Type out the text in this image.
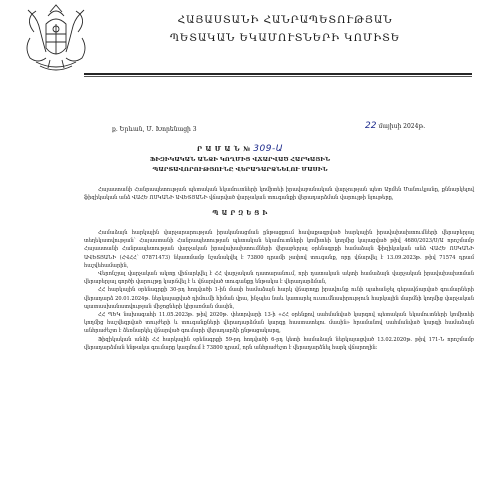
ՀԱՅԱՍՏԱՆԻ ՀԱՆՐԱՊԵՏՈՒԹՅԱՆ
ՊԵՏԱԿԱՆ ԵԿԱՄՈՒՏՆԵՐԻ ԿՈՄԻՏԵ
ք. Երևան, Մ. Խորենացի 3	22 մայիսի 2024թ.
Ր Ա Մ Ա Ն № 309-Ա
ՖԻԶԻԿԱԿԱՆ ԱՆՁԻ ԿՈՂՄԻՑ ՎՃԱՐՎԱԾ ՀԱՐԿԱՅԻՆ
ՊԱՐՏԱՎՈՐՈՒԹՅՈՒՆԸ ՎԵՐԱԴԱՐՁՆԵԼՈՒ ՄԱՍԻՆ

Հայաստանի Հանրապետության պետական եկամուտների կոմիտեի իրավաբանական վարչության պետ Արմեն Մանուկյանը, քննարկելով ֆիզիկական անձ ՎԱՀԵ ՈՍԿԱՆԻ ԱՎԵՏՅԱՆԻ վճարված վարչական տուգանքի վերադարձման վարույթի նյութերը,

Պ Ա Ր Զ Ե Ց Ի

Համաձայն հարկային վարչարարության իրականացման ընթացքում հավաքագրված հարկային իրավախախտումների վերաբերյալ տեղեկատվության՝ Հայաստանի Հանրապետության պետական եկամուտների կոմիտեի կողմից կայացված թիվ 4680/2023/Ս/Ա որոշմամբ Հայաստանի Հանրապետության վարչական իրավախախտումների վերաբերյալ օրենսգրքի համաձայն ֆիզիկական անձ ՎԱՀԵ ՈՍԿԱՆԻ ԱՎԵՏՅԱՆԻ (ՀՎՀՀ՝ 07871473) նկատմամբ նշանակվել է 73800 դրամի չափով տուգանք, որը վճարվել է 13.09.2023թ. թիվ 71574 դրամ հաշվեհամարին,

Վերոնշյալ վարչական ակտը վիճարկվել է ՀՀ վարչական դատարանում, որի դատական ակտի համաձայն վարչական իրավախախտման վերաբերյալ գործի վարույթը կարճվել է և վճարված տուգանքը ենթակա է վերադարձման,

ՀՀ հարկային օրենսգրքի 30-րդ հոդվածի 1-ին մասի համաձայն հարկ վճարողը իրավունք ունի պահանջել գերավճարված գումարների վերադարձ 20.01.2024թ. ներկայացված դիմումի հիման վրա, ինչպես նաև կատարել ուսումնասիրություն հարկային մարմնի կողմից վարչական պատասխանատվության միջոցների կիրառման մասին,

ՀՀ ՊԵԿ նախագահի 11.05.2023թ. թիվ 2020թ. փետրվարի 13-ի «ՀՀ օրենքով սահմանված կարգով պետական եկամուտների կոմիտեի կողմից հաշվեգրված տույժերի և տուգանքների վերադարձման կարգը հաստատելու մասին» հրամանով սահմանված կարգի համաձայն անհրաժեշտ է ձեռնարկել վճարված գումարի վերադարձի ընթացակարգ,

Ֆիզիկական անձի ՀՀ հարկային օրենսգրքի 59-րդ հոդվածի 6-րդ կետի համաձայն ներկայացված 13.02.2020թ. թիվ 171-Ն որոշմամբ վերադարձման ենթակա գումարը կազմում է 73800 դրամ, որն անհրաժեշտ է վերադարձնել հարկ վճարողին։
